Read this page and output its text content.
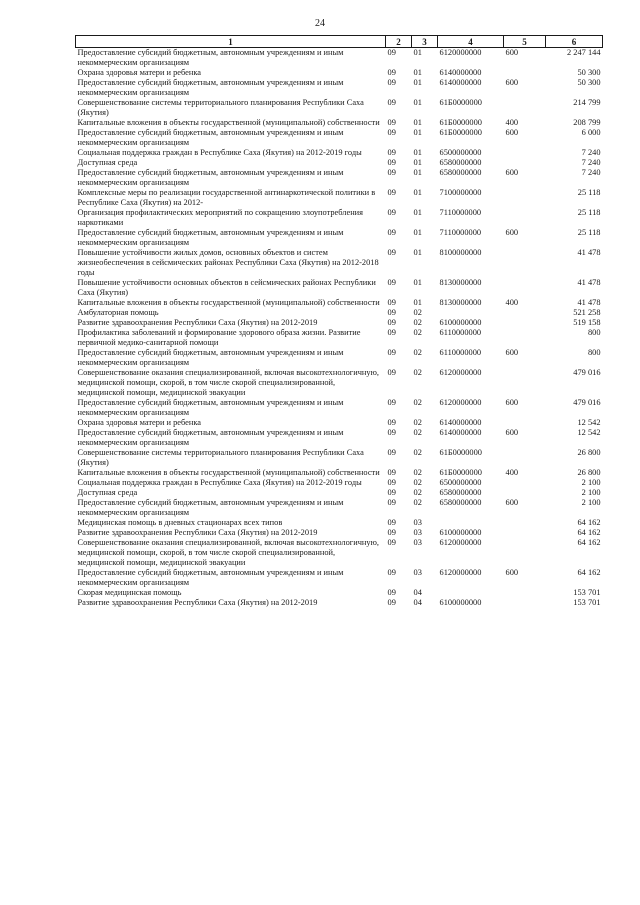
24
1	2	3	4	5	6
Предоставление субсидий бюджетным, автономным учреждениям и иным некоммерческим организациям	09	01	6120000000	600	2 247 144
Охрана здоровья матери и ребенка	09	01	6140000000		50 300
Предоставление субсидий бюджетным, автономным учреждениям и иным некоммерческим организациям	09	01	6140000000	600	50 300
Совершенствование системы территориального планирования Республики Саха (Якутия)	09	01	61Б0000000		214 799
Капитальные вложения в объекты государственной (муниципальной) собственности	09	01	61Б0000000	400	208 799
Предоставление субсидий бюджетным, автономным учреждениям и иным некоммерческим организациям	09	01	61Б0000000	600	6 000
Социальная поддержка граждан в Республике Саха (Якутия) на 2012-2019 годы	09	01	6500000000		7 240
Доступная среда	09	01	6580000000		7 240
Предоставление субсидий бюджетным, автономным учреждениям и иным некоммерческим организациям	09	01	6580000000	600	7 240
Комплексные меры по реализации государственной антинаркотической политики в Республике Саха (Якутия) на 2012-	09	01	7100000000		25 118
Организация профилактических мероприятий по сокращению злоупотребления наркотиками	09	01	7110000000		25 118
Предоставление субсидий бюджетным, автономным учреждениям и иным некоммерческим организациям	09	01	7110000000	600	25 118
Повышение устойчивости жилых домов, основных объектов и систем жизнеобеспечения в сейсмических районах Республики Саха (Якутия) на 2012-2018 годы	09	01	8100000000		41 478
Повышение устойчивости основных объектов в сейсмических районах Республики Саха (Якутия)	09	01	8130000000		41 478
Капитальные вложения в объекты государственной (муниципальной) собственности	09	01	8130000000	400	41 478
Амбулаторная помощь	09	02			521 258
Развитие здравоохранения Республики Саха (Якутия) на 2012-2019	09	02	6100000000		519 158
Профилактика заболеваний и формирование здорового образа жизни. Развитие первичной медико-санитарной помощи	09	02	6110000000		800
Предоставление субсидий бюджетным, автономным учреждениям и иным некоммерческим организациям	09	02	6110000000	600	800
Совершенствование оказания специализированной, включая высокотехнологичную, медицинской помощи, скорой, в том числе скорой специализированной, медицинской помощи, медицинской эвакуации	09	02	6120000000		479 016
Предоставление субсидий бюджетным, автономным учреждениям и иным некоммерческим организациям	09	02	6120000000	600	479 016
Охрана здоровья матери и ребенка	09	02	6140000000		12 542
Предоставление субсидий бюджетным, автономным учреждениям и иным некоммерческим организациям	09	02	6140000000	600	12 542
Совершенствование системы территориального планирования Республики Саха (Якутия)	09	02	61Б0000000		26 800
Капитальные вложения в объекты государственной (муниципальной) собственности	09	02	61Б0000000	400	26 800
Социальная поддержка граждан в Республике Саха (Якутия) на 2012-2019 годы	09	02	6500000000		2 100
Доступная среда	09	02	6580000000		2 100
Предоставление субсидий бюджетным, автономным учреждениям и иным некоммерческим организациям	09	02	6580000000	600	2 100
Медицинская помощь в дневных стационарах всех типов	09	03			64 162
Развитие здравоохранения Республики Саха (Якутия) на 2012-2019	09	03	6100000000		64 162
Совершенствование оказания специализированной, включая высокотехнологичную, медицинской помощи, скорой, в том числе скорой специализированной, медицинской помощи, медицинской эвакуации	09	03	6120000000		64 162
Предоставление субсидий бюджетным, автономным учреждениям и иным некоммерческим организациям	09	03	6120000000	600	64 162
Скорая медицинская помощь	09	04			153 701
Развитие здравоохранения Республики Саха (Якутия) на 2012-2019	09	04	6100000000		153 701
